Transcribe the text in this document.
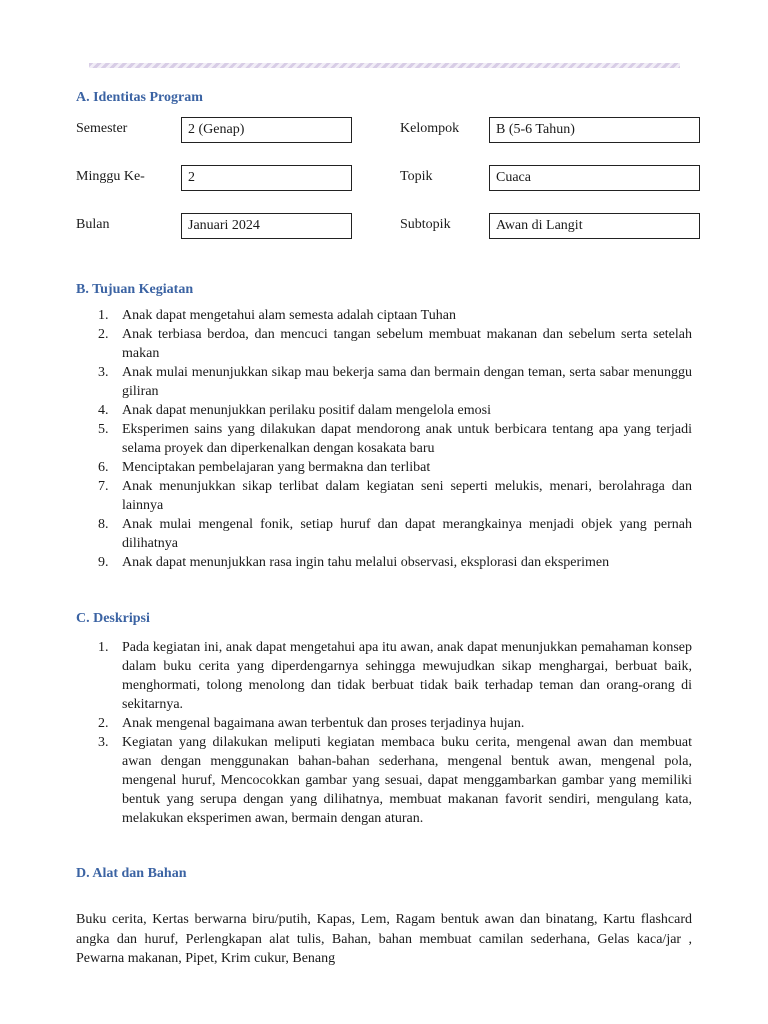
A. Identitas Program
Semester	2 (Genap)	Kelompok	B (5-6 Tahun)
Minggu Ke-	2	Topik	Cuaca
Bulan	Januari 2024	Subtopik	Awan di Langit
B. Tujuan Kegiatan
1. Anak dapat mengetahui alam semesta adalah ciptaan Tuhan
2. Anak terbiasa berdoa, dan mencuci tangan sebelum membuat makanan dan sebelum serta setelah makan
3. Anak mulai menunjukkan sikap mau bekerja sama dan bermain dengan teman, serta sabar menunggu giliran
4. Anak dapat menunjukkan perilaku positif dalam mengelola emosi
5. Eksperimen sains yang dilakukan dapat mendorong anak untuk berbicara tentang apa yang terjadi selama proyek dan diperkenalkan dengan kosakata baru
6. Menciptakan pembelajaran yang bermakna dan terlibat
7. Anak menunjukkan sikap terlibat dalam kegiatan seni seperti melukis, menari, berolahraga dan lainnya
8. Anak mulai mengenal fonik, setiap huruf dan dapat merangkainya menjadi objek yang pernah dilihatnya
9. Anak dapat menunjukkan rasa ingin tahu melalui observasi, eksplorasi dan eksperimen
C. Deskripsi
1. Pada kegiatan ini, anak dapat mengetahui apa itu awan, anak dapat menunjukkan pemahaman konsep dalam buku cerita yang diperdengarnya sehingga mewujudkan sikap menghargai, berbuat baik, menghormati, tolong menolong dan tidak berbuat tidak baik terhadap teman dan orang-orang di sekitarnya.
2. Anak mengenal bagaimana awan terbentuk dan proses terjadinya hujan.
3. Kegiatan yang dilakukan meliputi kegiatan membaca buku cerita, mengenal awan dan membuat awan dengan menggunakan bahan-bahan sederhana, mengenal bentuk awan, mengenal pola, mengenal huruf, Mencocokkan gambar yang sesuai, dapat menggambarkan gambar yang memiliki bentuk yang serupa dengan yang dilihatnya, membuat makanan favorit sendiri, mengulang kata, melakukan eksperimen awan, bermain dengan aturan.
D. Alat dan Bahan

Buku cerita, Kertas berwarna biru/putih, Kapas, Lem, Ragam bentuk awan dan binatang, Kartu flashcard angka dan huruf, Perlengkapan alat tulis, Bahan, bahan membuat camilan sederhana, Gelas kaca/jar , Pewarna makanan, Pipet, Krim cukur, Benang
